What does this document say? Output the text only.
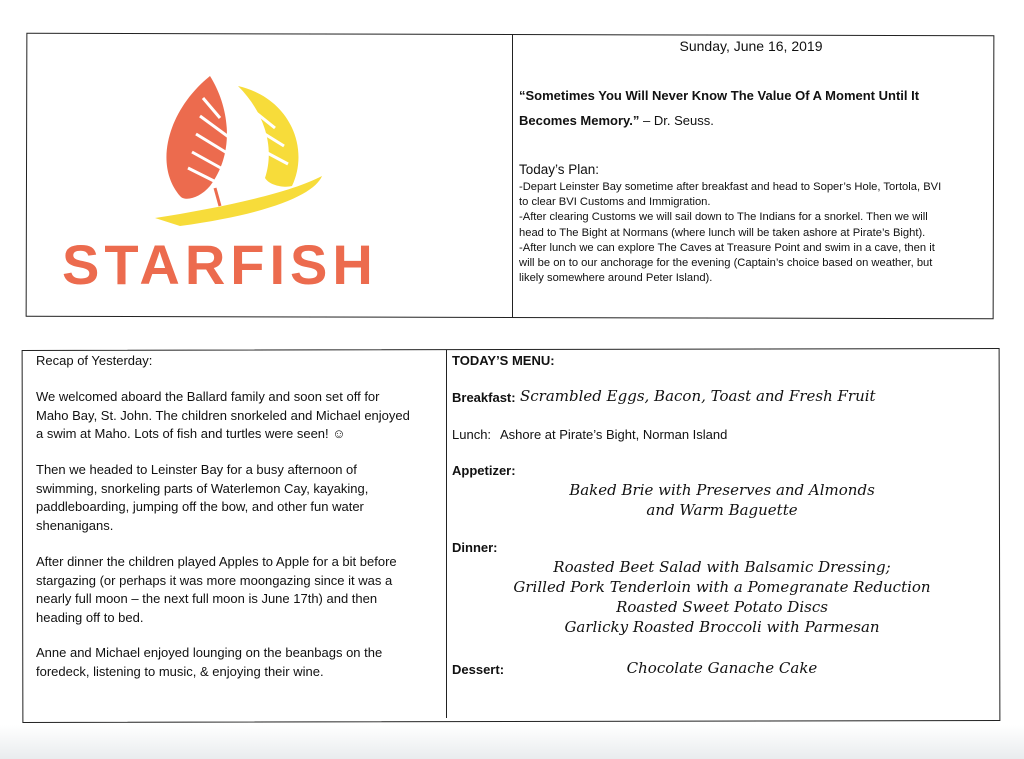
STARFISH
Sunday, June 16, 2019
“Sometimes You Will Never Know The Value Of A Moment Until It Becomes Memory.” – Dr. Seuss.
Today’s Plan:
-Depart Leinster Bay sometime after breakfast and head to Soper’s Hole, Tortola, BVI
to clear BVI Customs and Immigration.
-After clearing Customs we will sail down to The Indians for a snorkel. Then we will
head to The Bight at Normans (where lunch will be taken ashore at Pirate’s Bight).
-After lunch we can explore The Caves at Treasure Point and swim in a cave, then it
will be on to our anchorage for the evening (Captain’s choice based on weather, but
likely somewhere around Peter Island).
Recap of Yesterday:
We welcomed aboard the Ballard family and soon set off for
Maho Bay, St. John. The children snorkeled and Michael enjoyed
a swim at Maho. Lots of fish and turtles were seen! ☺
Then we headed to Leinster Bay for a busy afternoon of
swimming, snorkeling parts of Waterlemon Cay, kayaking,
paddleboarding, jumping off the bow, and other fun water
shenanigans.
After dinner the children played Apples to Apple for a bit before
stargazing (or perhaps it was more moongazing since it was a
nearly full moon – the next full moon is June 17th) and then
heading off to bed.
Anne and Michael enjoyed lounging on the beanbags on the
foredeck, listening to music, & enjoying their wine.
TODAY’S MENU:
Breakfast: Scrambled Eggs, Bacon, Toast and Fresh Fruit
Lunch: Ashore at Pirate’s Bight, Norman Island
Appetizer:
Baked Brie with Preserves and Almonds
and Warm Baguette
Dinner:
Roasted Beet Salad with Balsamic Dressing;
Grilled Pork Tenderloin with a Pomegranate Reduction
Roasted Sweet Potato Discs
Garlicky Roasted Broccoli with Parmesan
Dessert:	Chocolate Ganache Cake
